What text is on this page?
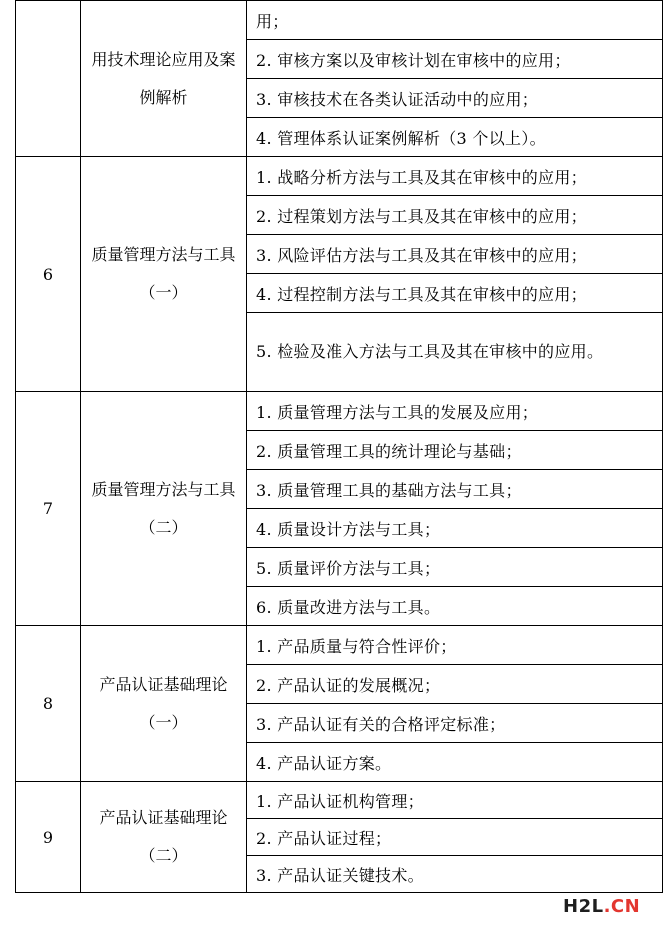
	用技术理论应用及案例解析	用；
		2. 审核方案以及审核计划在审核中的应用；
		3. 审核技术在各类认证活动中的应用；
		4. 管理体系认证案例解析（3 个以上）。
6	质量管理方法与工具（一）	1. 战略分析方法与工具及其在审核中的应用；
		2. 过程策划方法与工具及其在审核中的应用；
		3. 风险评估方法与工具及其在审核中的应用；
		4. 过程控制方法与工具及其在审核中的应用；
		5. 检验及准入方法与工具及其在审核中的应用。
7	质量管理方法与工具（二）	1. 质量管理方法与工具的发展及应用；
		2. 质量管理工具的统计理论与基础；
		3. 质量管理工具的基础方法与工具；
		4. 质量设计方法与工具；
		5. 质量评价方法与工具；
		6. 质量改进方法与工具。
8	产品认证基础理论（一）	1. 产品质量与符合性评价；
		2. 产品认证的发展概况；
		3. 产品认证有关的合格评定标准；
		4. 产品认证方案。
9	产品认证基础理论（二）	1. 产品认证机构管理；
		2. 产品认证过程；
		3. 产品认证关键技术。
H2L.CN
